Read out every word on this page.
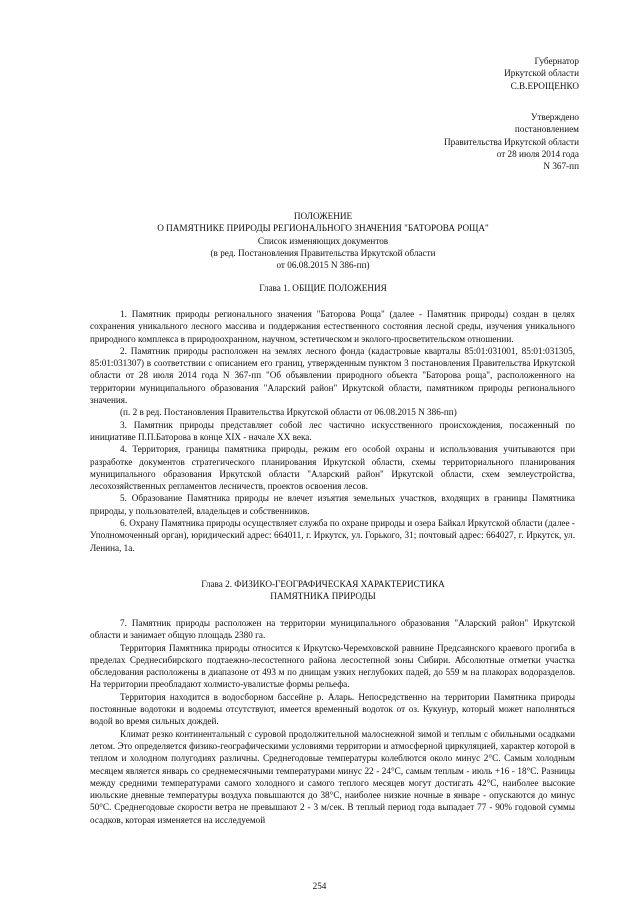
Губернатор
Иркутской области
С.В.ЕРОЩЕНКО
Утверждено
постановлением
Правительства Иркутской области
от 28 июля 2014 года
N 367-пп
ПОЛОЖЕНИЕ
О ПАМЯТНИКЕ ПРИРОДЫ РЕГИОНАЛЬНОГО ЗНАЧЕНИЯ "БАТОРОВА РОЩА"
Список изменяющих документов
(в ред. Постановления Правительства Иркутской области
от 06.08.2015 N 386-пп)
Глава 1. ОБЩИЕ ПОЛОЖЕНИЯ

1. Памятник природы регионального значения "Баторова Роща" (далее - Памятник природы) создан в целях сохранения уникального лесного массива и поддержания естественного состояния лесной среды, изучения уникального природного комплекса в природоохранном, научном, эстетическом и эколого-просветительском отношении.

2. Памятник природы расположен на землях лесного фонда (кадастровые кварталы 85:01:031001, 85:01:031305, 85:01:031307) в соответствии с описанием его границ, утвержденным пунктом 3 постановления Правительства Иркутской области от 28 июля 2014 года N 367-пп "Об объявлении природного объекта "Баторова роща", расположенного на территории муниципального образования "Аларский район" Иркутской области, памятником природы регионального значения.

(п. 2 в ред. Постановления Правительства Иркутской области от 06.08.2015 N 386-пп)

3. Памятник природы представляет собой лес частично искусственного происхождения, посаженный по инициативе П.П.Баторова в конце XIX - начале XX века.

4. Территория, границы памятника природы, режим его особой охраны и использования учитываются при разработке документов стратегического планирования Иркутской области, схемы территориального планирования муниципального образования Иркутской области "Аларский район" Иркутской области, схем землеустройства, лесохозяйственных регламентов лесничеств, проектов освоения лесов.

5. Образование Памятника природы не влечет изъятия земельных участков, входящих в границы Памятника природы, у пользователей, владельцев и собственников.

6. Охрану Памятника природы осуществляет служба по охране природы и озера Байкал Иркутской области (далее - Уполномоченный орган), юридический адрес: 664011, г. Иркутск, ул. Горького, 31; почтовый адрес: 664027, г. Иркутск, ул. Ленина, 1а.

Глава 2. ФИЗИКО-ГЕОГРАФИЧЕСКАЯ ХАРАКТЕРИСТИКА
ПАМЯТНИКА ПРИРОДЫ

7. Памятник природы расположен на территории муниципального образования "Аларский район" Иркутской области и занимает общую площадь 2380 га.

Территория Памятника природы относится к Иркутско-Черемховской равнине Предсаянского краевого прогиба в пределах Среднесибирского подтаежно-лесостепного района лесостепной зоны Сибири. Абсолютные отметки участка обследования расположены в диапазоне от 493 м по днищам узких неглубоких падей, до 559 м на плакорах водоразделов. На территории преобладают холмисто-увалистые формы рельефа.

Территория находится в водосборном бассейне р. Аларь. Непосредственно на территории Памятника природы постоянные водотоки и водоемы отсутствуют, имеется временный водоток от оз. Кукунур, который может наполняться водой во время сильных дождей.

Климат резко континентальный с суровой продолжительной малоснежной зимой и теплым с обильными осадками летом. Это определяется физико-географическими условиями территории и атмосферной циркуляцией, характер которой в теплом и холодном полугодиях различны. Среднегодовые температуры колеблются около минус 2°С. Самым холодным месяцем является январь со среднемесячными температурами минус 22 - 24°С, самым теплым - июль +16 - 18°С. Разницы между средними температурами самого холодного и самого теплого месяцев могут достигать 42°С, наиболее высокие июльские дневные температуры воздуха повышаются до 38°С, наиболее низкие ночные в январе - опускаются до минус 50°С. Среднегодовые скорости ветра не превышают 2 - 3 м/сек. В теплый период года выпадает 77 - 90% годовой суммы осадков, которая изменяется на исследуемой

254
